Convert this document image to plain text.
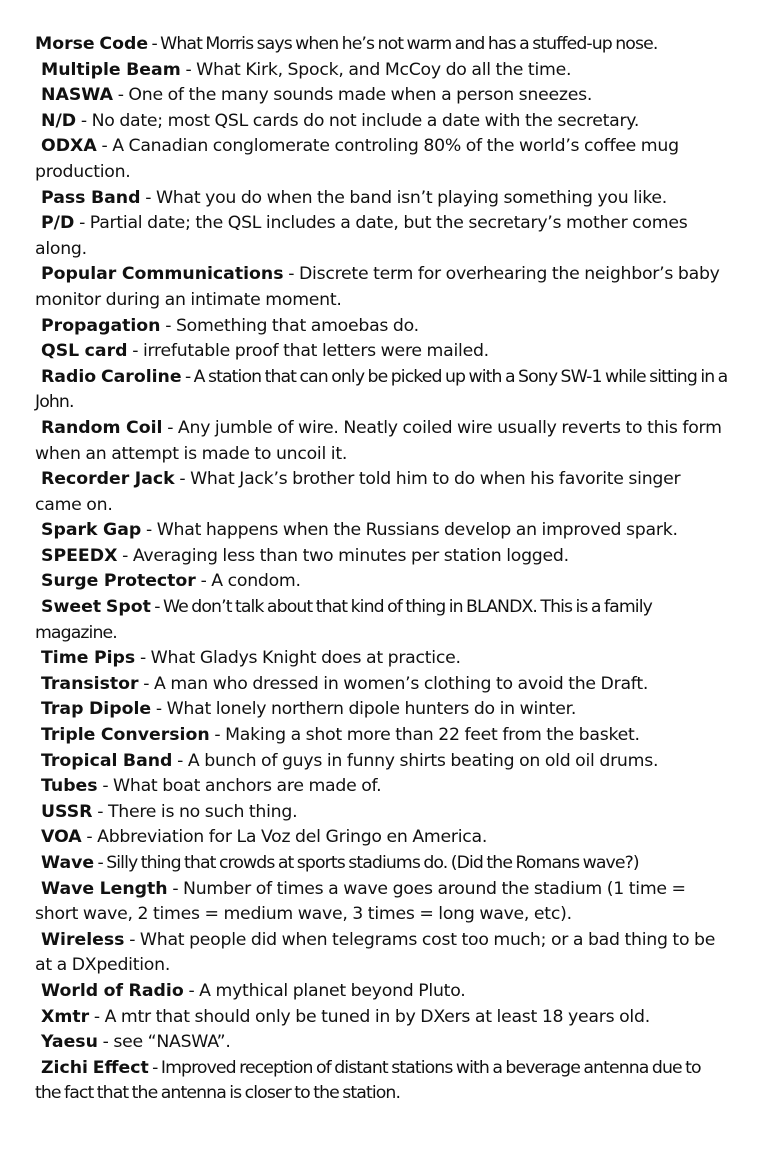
Morse Code - What Morris says when he’s not warm and has a stuffed-up nose.

Multiple Beam - What Kirk, Spock, and McCoy do all the time.

NASWA - One of the many sounds made when a person sneezes.

N/D - No date; most QSL cards do not include a date with the secretary.

ODXA - A Canadian conglomerate controling 80% of the world’s coffee mug production.

Pass Band - What you do when the band isn’t playing something you like.

P/D - Partial date; the QSL includes a date, but the secretary’s mother comes along.

Popular Communications - Discrete term for overhearing the neighbor’s baby monitor during an intimate moment.

Propagation - Something that amoebas do.

QSL card - irrefutable proof that letters were mailed.

Radio Caroline - A station that can only be picked up with a Sony SW-1 while sitting in a John.

Random Coil - Any jumble of wire. Neatly coiled wire usually reverts to this form when an attempt is made to uncoil it.

Recorder Jack - What Jack’s brother told him to do when his favorite singer came on.

Spark Gap - What happens when the Russians develop an improved spark.

SPEEDX - Averaging less than two minutes per station logged.

Surge Protector - A condom.

Sweet Spot - We don’t talk about that kind of thing in BLANDX. This is a family magazine.

Time Pips - What Gladys Knight does at practice.

Transistor - A man who dressed in women’s clothing to avoid the Draft.

Trap Dipole - What lonely northern dipole hunters do in winter.

Triple Conversion - Making a shot more than 22 feet from the basket.

Tropical Band - A bunch of guys in funny shirts beating on old oil drums.

Tubes - What boat anchors are made of.

USSR - There is no such thing.

VOA - Abbreviation for La Voz del Gringo en America.

Wave - Silly thing that crowds at sports stadiums do. (Did the Romans wave?)

Wave Length - Number of times a wave goes around the stadium (1 time = short wave, 2 times = medium wave, 3 times = long wave, etc).

Wireless - What people did when telegrams cost too much; or a bad thing to be at a DXpedition.

World of Radio - A mythical planet beyond Pluto.

Xmtr - A mtr that should only be tuned in by DXers at least 18 years old.

Yaesu - see “NASWA”.

Zichi Effect - Improved reception of distant stations with a beverage antenna due to the fact that the antenna is closer to the station.
